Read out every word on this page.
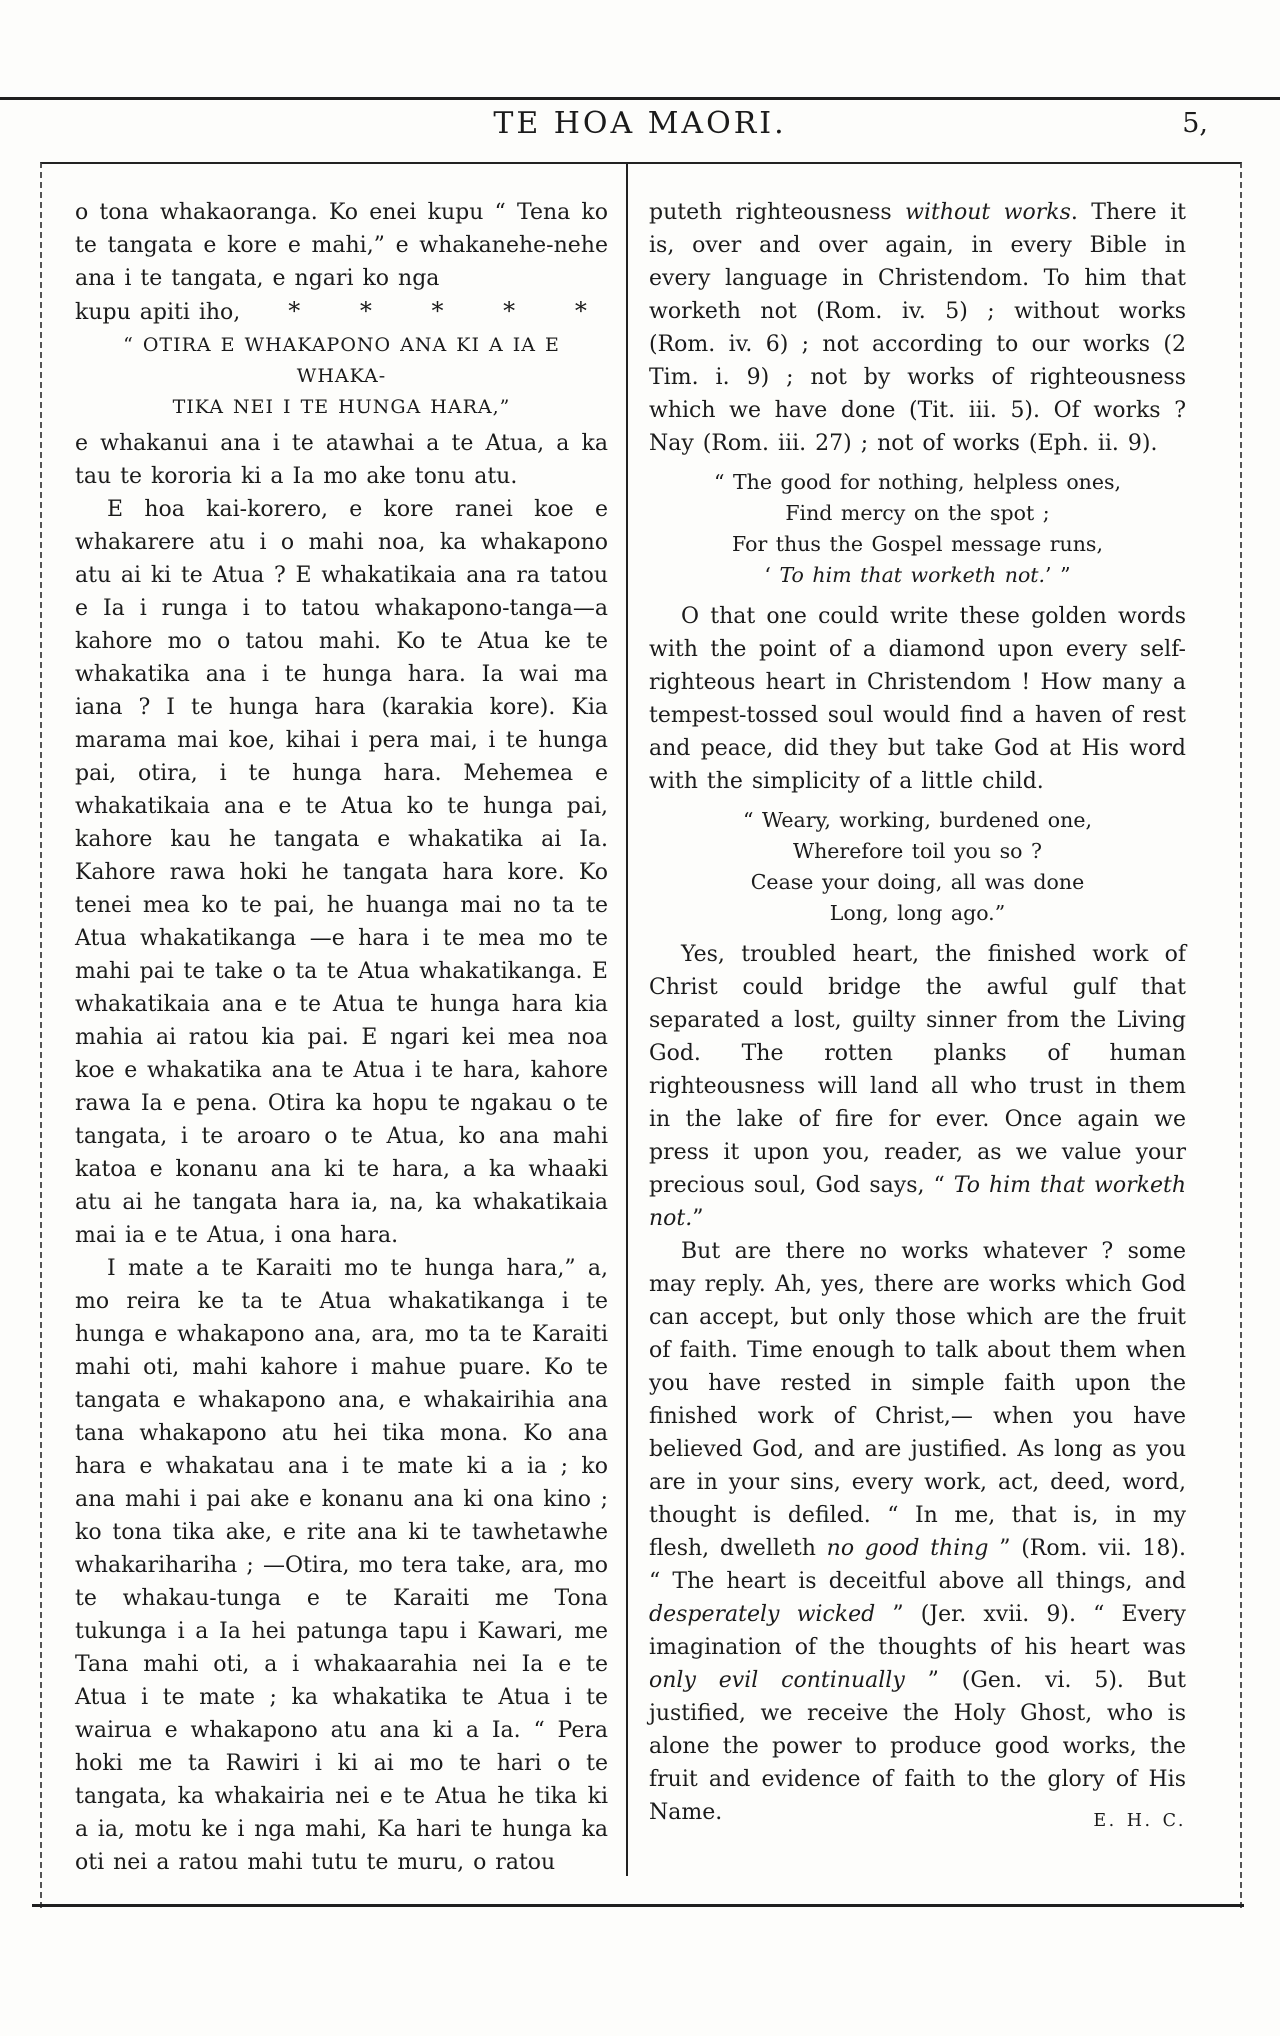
TE HOA MAORI.	5,

o tona whakaoranga. Ko enei kupu “ Tena ko te tangata e kore e mahi,” e whakanehe-nehe ana i te tangata, e ngari ko nga

kupu apiti iho,	* * * * *
“ OTIRA E WHAKAPONO ANA KI A IA E WHAKA-
TIKA NEI I TE HUNGA HARA,”

e whakanui ana i te atawhai a te Atua, a ka tau te kororia ki a Ia mo ake tonu atu.

E hoa kai-korero, e kore ranei koe e whakarere atu i o mahi noa, ka whakapono atu ai ki te Atua ? E whakatikaia ana ra tatou e Ia i runga i to tatou whakapono-tanga—a kahore mo o tatou mahi. Ko te Atua ke te whakatika ana i te hunga hara. Ia wai ma iana ? I te hunga hara (karakia kore). Kia marama mai koe, kihai i pera mai, i te hunga pai, otira, i te hunga hara. Mehemea e whakatikaia ana e te Atua ko te hunga pai, kahore kau he tangata e whakatika ai Ia. Kahore rawa hoki he tangata hara kore. Ko tenei mea ko te pai, he huanga mai no ta te Atua whakatikanga —e hara i te mea mo te mahi pai te take o ta te Atua whakatikanga. E whakatikaia ana e te Atua te hunga hara kia mahia ai ratou kia pai. E ngari kei mea noa koe e whakatika ana te Atua i te hara, kahore rawa Ia e pena. Otira ka hopu te ngakau o te tangata, i te aroaro o te Atua, ko ana mahi katoa e konanu ana ki te hara, a ka whaaki atu ai he tangata hara ia, na, ka whakatikaia mai ia e te Atua, i ona hara.

I mate a te Karaiti mo te hunga hara,” a, mo reira ke ta te Atua whakatikanga i te hunga e whakapono ana, ara, mo ta te Karaiti mahi oti, mahi kahore i mahue puare. Ko te tangata e whakapono ana, e whakairihia ana tana whakapono atu hei tika mona. Ko ana hara e whakatau ana i te mate ki a ia ; ko ana mahi i pai ake e konanu ana ki ona kino ; ko tona tika ake, e rite ana ki te tawhetawhe whakarihariha ; —Otira, mo tera take, ara, mo te whakau-tunga e te Karaiti me Tona tukunga i a Ia hei patunga tapu i Kawari, me Tana mahi oti, a i whakaarahia nei Ia e te Atua i te mate ; ka whakatika te Atua i te wairua e whakapono atu ana ki a Ia. “ Pera hoki me ta Rawiri i ki ai mo te hari o te tangata, ka whakairia nei e te Atua he tika ki a ia, motu ke i nga mahi, Ka hari te hunga ka oti nei a ratou mahi tutu te muru, o ratou

puteth righteousness without works. There it is, over and over again, in every Bible in every language in Christendom. To him that worketh not (Rom. iv. 5) ; without works (Rom. iv. 6) ; not according to our works (2 Tim. i. 9) ; not by works of righteousness which we have done (Tit. iii. 5). Of works ? Nay (Rom. iii. 27) ; not of works (Eph. ii. 9).

“ The good for nothing, helpless ones,
Find mercy on the spot ;
For thus the Gospel message runs,
‘ To him that worketh not.’ ”

O that one could write these golden words with the point of a diamond upon every self-righteous heart in Christendom ! How many a tempest-tossed soul would find a haven of rest and peace, did they but take God at His word with the simplicity of a little child.

“ Weary, working, burdened one,
Wherefore toil you so ?
Cease your doing, all was done
Long, long ago.”

Yes, troubled heart, the finished work of Christ could bridge the awful gulf that separated a lost, guilty sinner from the Living God. The rotten planks of human righteousness will land all who trust in them in the lake of fire for ever. Once again we press it upon you, reader, as we value your precious soul, God says, “ To him that worketh not.”

But are there no works whatever ? some may reply. Ah, yes, there are works which God can accept, but only those which are the fruit of faith. Time enough to talk about them when you have rested in simple faith upon the finished work of Christ,— when you have believed God, and are justified. As long as you are in your sins, every work, act, deed, word, thought is defiled. “ In me, that is, in my flesh, dwelleth no good thing ” (Rom. vii. 18). “ The heart is deceitful above all things, and desperately wicked ” (Jer. xvii. 9). “ Every imagination of the thoughts of his heart was only evil continually ” (Gen. vi. 5). But justified, we receive the Holy Ghost, who is alone the power to produce good works, the fruit and evidence of faith to the glory of His Name.	E. H. C.
